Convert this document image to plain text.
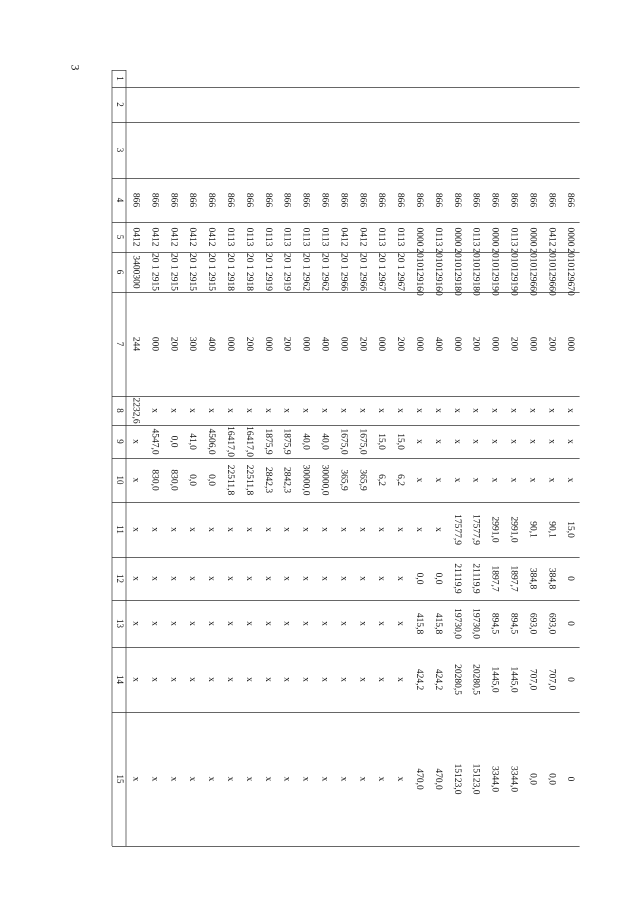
3
1
2
3
4
5
6
7
8
9
10
11
12
13
14
15
866
0412
3400300
244
2232,6
x
x
x
x
x
x
x
866
0412
20 1 2915
000
x
4547,0
830,0
x
x
x
x
x
866
0412
20 1 2915
200
x
0,0
830,0
x
x
x
x
x
866
0412
20 1 2915
300
x
41,0
0,0
x
x
x
x
x
866
0412
20 1 2915
400
x
4506,0
0,0
x
x
x
x
x
866
0113
20 1 2918
000
x
16417,0
22511,8
x
x
x
x
x
866
0113
20 1 2918
200
x
16417,0
22511,8
x
x
x
x
x
866
0113
20 1 2919
000
x
1875,9
2842,3
x
x
x
x
x
866
0113
20 1 2919
200
x
1875,9
2842,3
x
x
x
x
x
866
0113
20 1 2962
000
x
40,0
30000,0
x
x
x
x
x
866
0113
20 1 2962
400
x
40,0
30000,0
x
x
x
x
x
866
0412
20 1 2966
000
x
1675,0
365,9
x
x
x
x
x
866
0412
20 1 2966
200
x
1675,0
365,9
x
x
x
x
x
866
0113
20 1 2967
000
x
15,0
6,2
x
x
x
x
x
866
0113
20 1 2967
200
x
15,0
6,2
x
x
x
x
x
866
0000
2010129160
000
x
x
x
x
0,0
415,8
424,2
470,0
866
0113
2010129160
400
x
x
x
x
0,0
415,8
424,2
470,0
866
0000
2010129180
000
x
x
x
17577,9
21119,9
19730,0
20280,5
15123,0
866
0113
2010129180
200
x
x
x
17577,9
21119,9
19730,0
20280,5
15123,0
866
0000
2010129190
000
x
x
x
2991,0
1897,7
894,5
1445,0
3344,0
866
0113
2010129190
200
x
x
x
2991,0
1897,7
894,5
1445,0
3344,0
866
0000
2010129660
000
x
x
x
90,1
384,8
693,0
707,0
0,0
866
0412
2010129660
200
x
x
x
90,1
384,8
693,0
707,0
0,0
866
0000
2010129670
000
x
x
x
15,0
0
0
0
0
